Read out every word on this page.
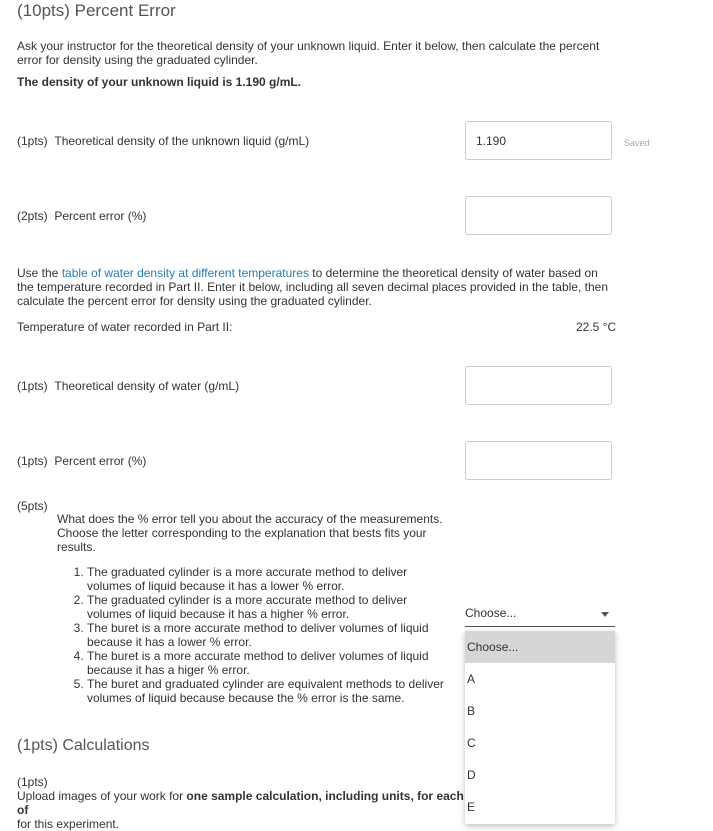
(10pts) Percent Error
Ask your instructor for the theoretical density of your unknown liquid. Enter it below, then calculate the percent error for density using the graduated cylinder.
The density of your unknown liquid is 1.190 g/mL.
(1pts) Theoretical density of the unknown liquid (g/mL)	1.190	Saved
(2pts) Percent error (%)
Use the table of water density at different temperatures to determine the theoretical density of water based on the temperature recorded in Part II. Enter it below, including all seven decimal places provided in the table, then calculate the percent error for density using the graduated cylinder.
Temperature of water recorded in Part II:	22.5 °C
(1pts) Theoretical density of water (g/mL)
(1pts) Percent error (%)
(5pts)
What does the % error tell you about the accuracy of the measurements. Choose the letter corresponding to the explanation that bests fits your results.
1. The graduated cylinder is a more accurate method to deliver volumes of liquid because it has a lower % error.
2. The graduated cylinder is a more accurate method to deliver volumes of liquid because it has a higher % error.
3. The buret is a more accurate method to deliver volumes of liquid because it has a lower % error.
4. The buret is a more accurate method to deliver volumes of liquid because it has a higer % error.
5. The buret and graduated cylinder are equivalent methods to deliver volumes of liquid because because the % error is the same.
Choose...
(1pts) Calculations
(1pts)
Upload images of your work for one sample calculation, including units, for each of
for this experiment.
Choose...
A
B
C
D
E
